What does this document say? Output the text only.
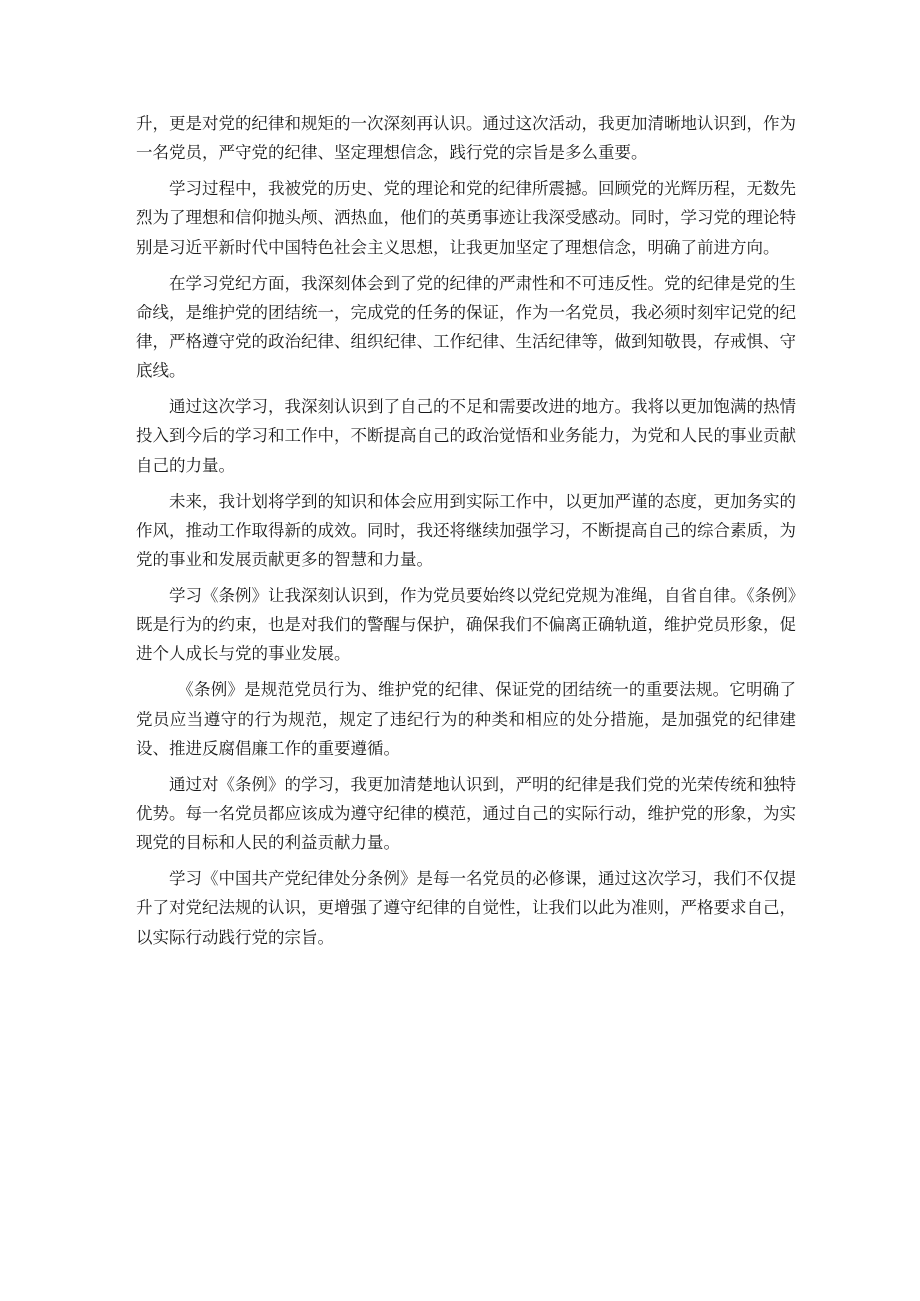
升，更是对党的纪律和规矩的一次深刻再认识。通过这次活动，我更加清晰地认识到，作为一名党员，严守党的纪律、坚定理想信念，践行党的宗旨是多么重要。

学习过程中，我被党的历史、党的理论和党的纪律所震撼。回顾党的光辉历程，无数先烈为了理想和信仰抛头颅、洒热血，他们的英勇事迹让我深受感动。同时，学习党的理论特别是习近平新时代中国特色社会主义思想，让我更加坚定了理想信念，明确了前进方向。

在学习党纪方面，我深刻体会到了党的纪律的严肃性和不可违反性。党的纪律是党的生命线，是维护党的团结统一，完成党的任务的保证，作为一名党员，我必须时刻牢记党的纪律，严格遵守党的政治纪律、组织纪律、工作纪律、生活纪律等，做到知敬畏，存戒惧、守底线。

通过这次学习，我深刻认识到了自己的不足和需要改进的地方。我将以更加饱满的热情投入到今后的学习和工作中，不断提高自己的政治觉悟和业务能力，为党和人民的事业贡献自己的力量。

未来，我计划将学到的知识和体会应用到实际工作中，以更加严谨的态度，更加务实的作风，推动工作取得新的成效。同时，我还将继续加强学习，不断提高自己的综合素质，为党的事业和发展贡献更多的智慧和力量。

学习《条例》让我深刻认识到，作为党员要始终以党纪党规为准绳，自省自律。《条例》既是行为的约束，也是对我们的警醒与保护，确保我们不偏离正确轨道，维护党员形象，促进个人成长与党的事业发展。

《条例》是规范党员行为、维护党的纪律、保证党的团结统一的重要法规。它明确了党员应当遵守的行为规范，规定了违纪行为的种类和相应的处分措施，是加强党的纪律建设、推进反腐倡廉工作的重要遵循。

通过对《条例》的学习，我更加清楚地认识到，严明的纪律是我们党的光荣传统和独特优势。每一名党员都应该成为遵守纪律的模范，通过自己的实际行动，维护党的形象，为实现党的目标和人民的利益贡献力量。

学习《中国共产党纪律处分条例》是每一名党员的必修课，通过这次学习，我们不仅提升了对党纪法规的认识，更增强了遵守纪律的自觉性，让我们以此为准则，严格要求自己，以实际行动践行党的宗旨。
